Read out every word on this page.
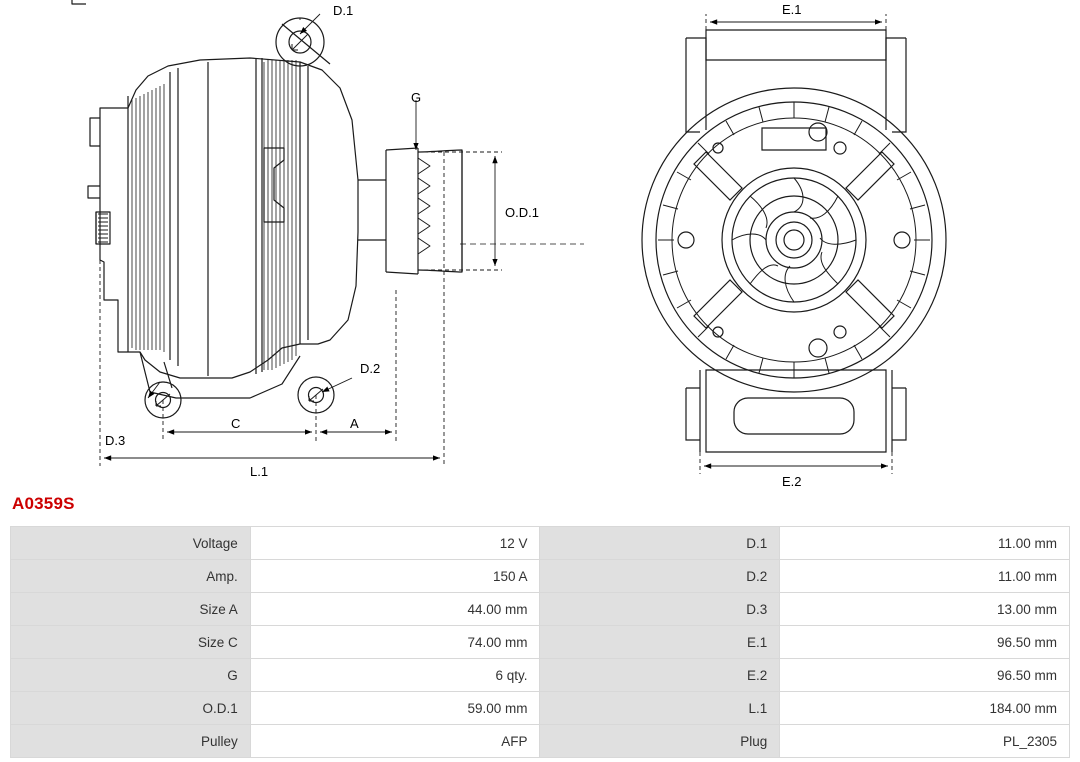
D.1
G
O.D.1
D.2
D.3
C	A
L.1
E.1
E.2
A0359S
Voltage	12 V	D.1	11.00 mm
Amp.	150 A	D.2	11.00 mm
Size A	44.00 mm	D.3	13.00 mm
Size C	74.00 mm	E.1	96.50 mm
G	6 qty.	E.2	96.50 mm
O.D.1	59.00 mm	L.1	184.00 mm
Pulley	AFP	Plug	PL_2305
